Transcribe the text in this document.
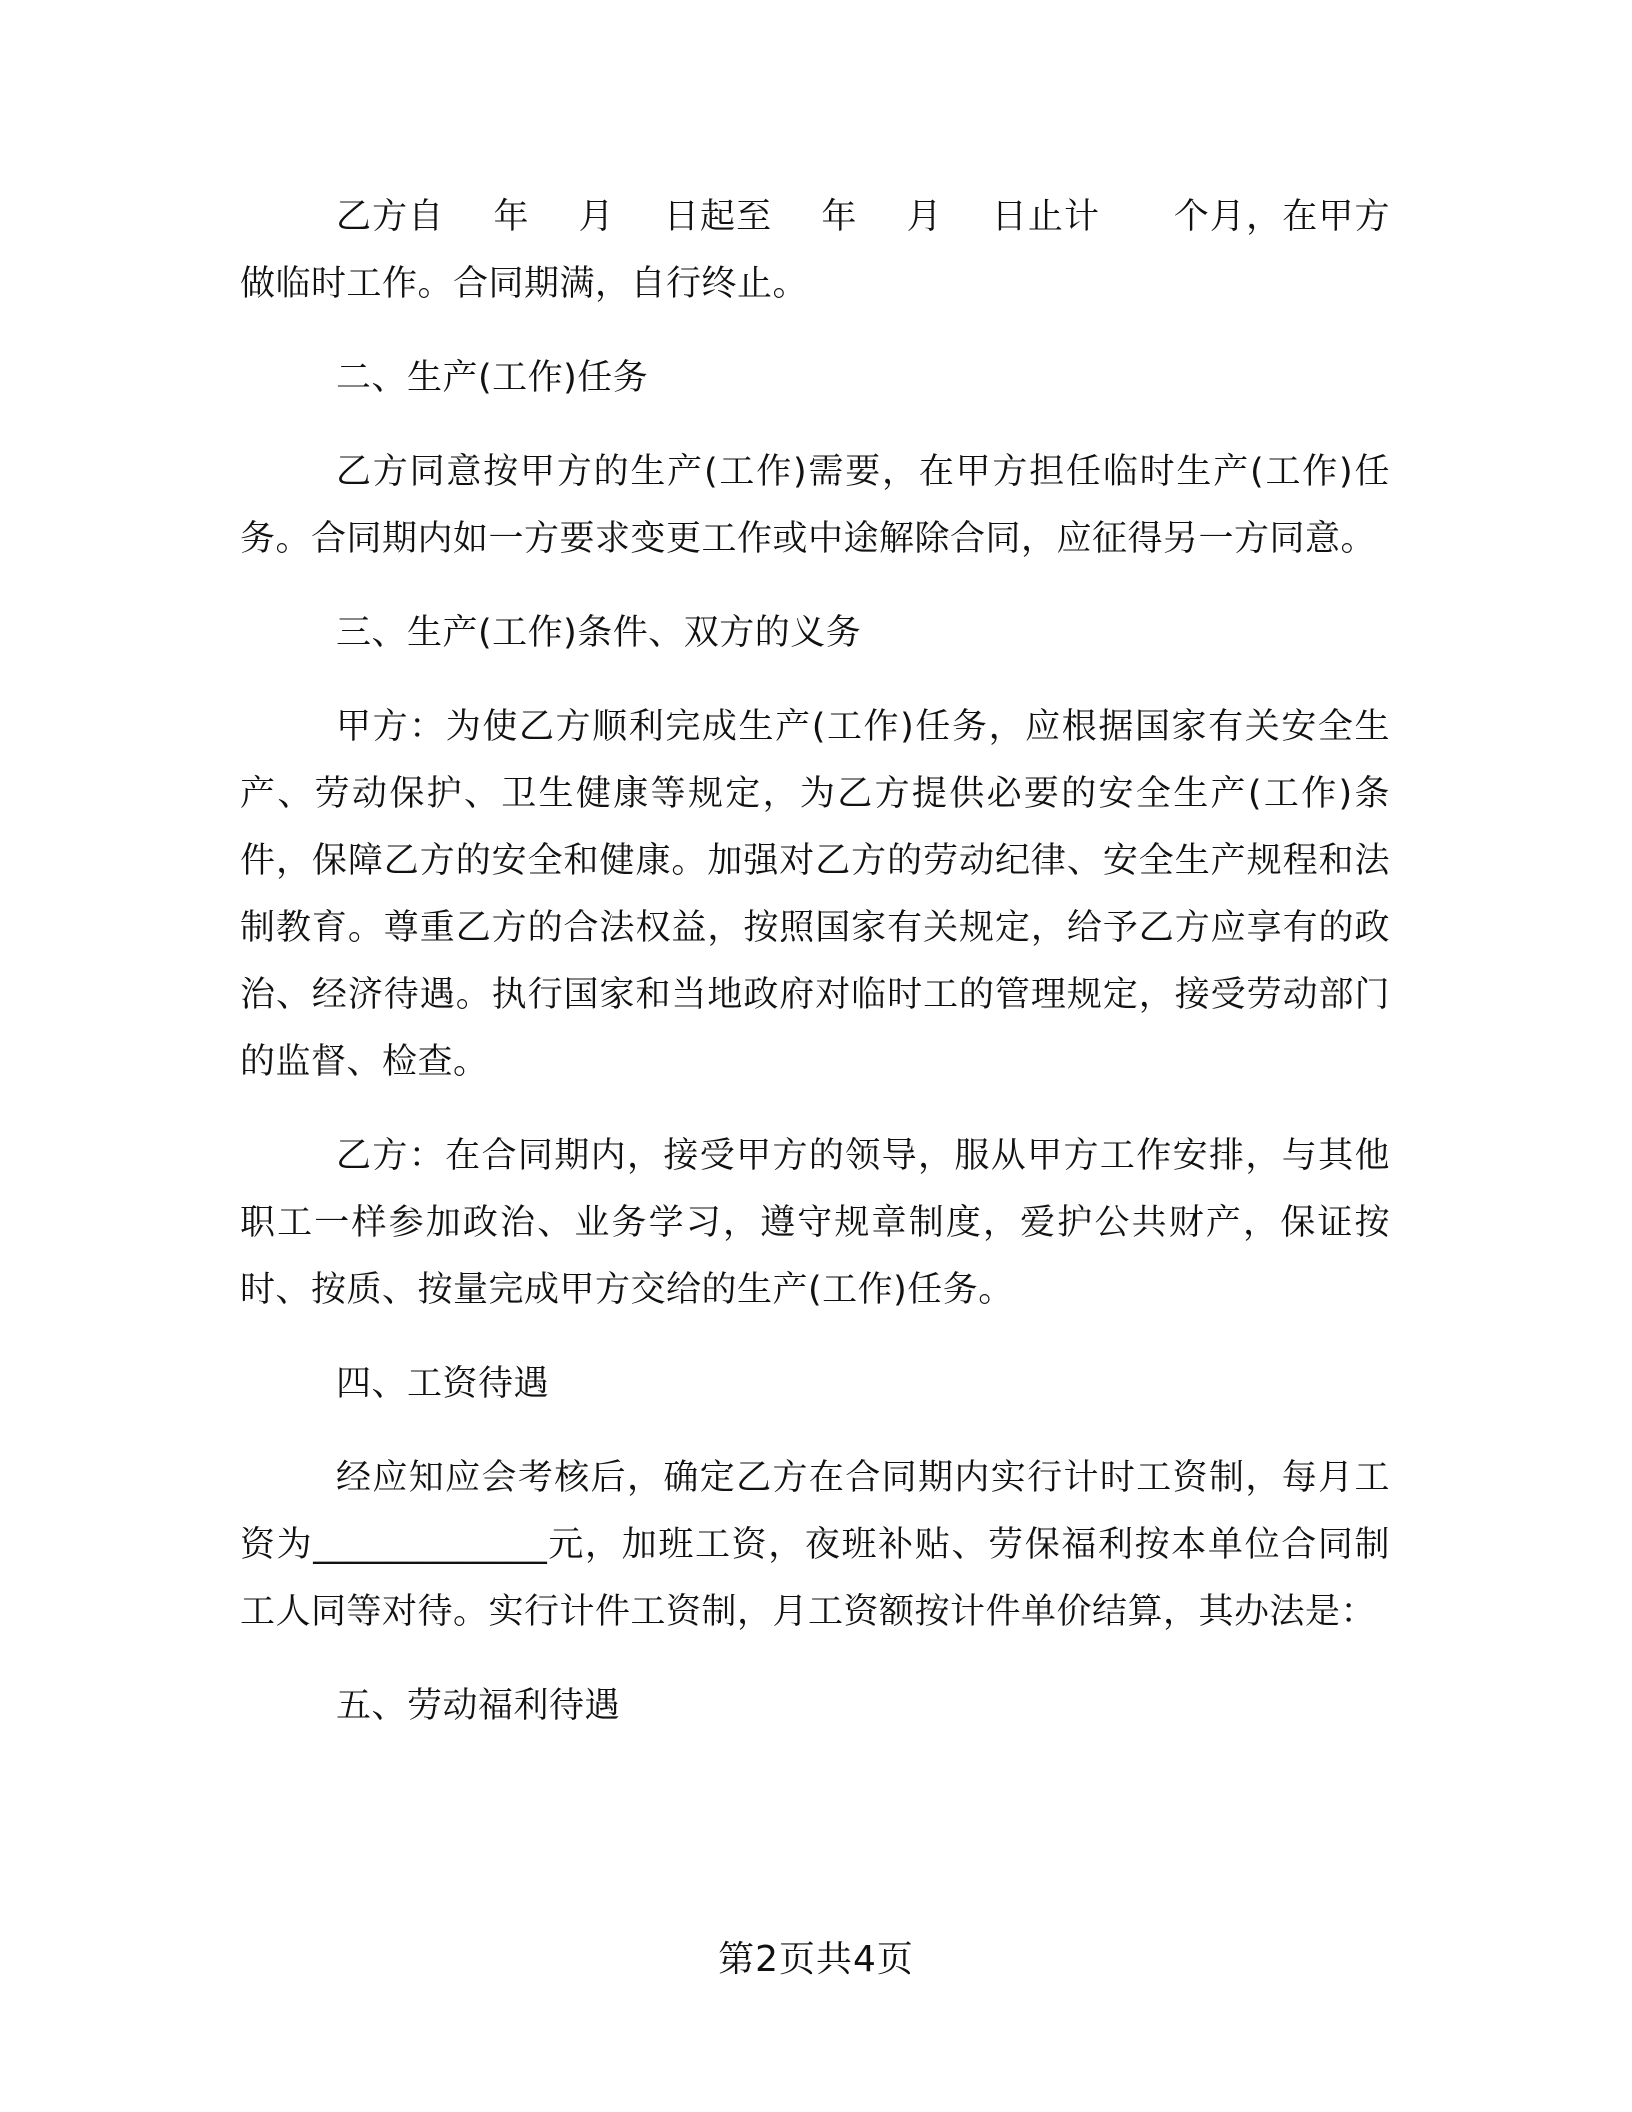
乙方自    年    月    日起至    年    月    日止计      个月，在甲方做临时工作。合同期满，自行终止。

二、生产(工作)任务

乙方同意按甲方的生产(工作)需要，在甲方担任临时生产(工作)任务。合同期内如一方要求变更工作或中途解除合同，应征得另一方同意。

三、生产(工作)条件、双方的义务

甲方：为使乙方顺利完成生产(工作)任务，应根据国家有关安全生产、劳动保护、卫生健康等规定，为乙方提供必要的安全生产(工作)条件，保障乙方的安全和健康。加强对乙方的劳动纪律、安全生产规程和法制教育。尊重乙方的合法权益，按照国家有关规定，给予乙方应享有的政治、经济待遇。执行国家和当地政府对临时工的管理规定，接受劳动部门的监督、检查。

乙方：在合同期内，接受甲方的领导，服从甲方工作安排，与其他职工一样参加政治、业务学习，遵守规章制度，爱护公共财产，保证按时、按质、按量完成甲方交给的生产(工作)任务。

四、工资待遇

经应知应会考核后，确定乙方在合同期内实行计时工资制，每月工资为_____________元，加班工资，夜班补贴、劳保福利按本单位合同制工人同等对待。实行计件工资制，月工资额按计件单价结算，其办法是：

五、劳动福利待遇

第2页共4页
